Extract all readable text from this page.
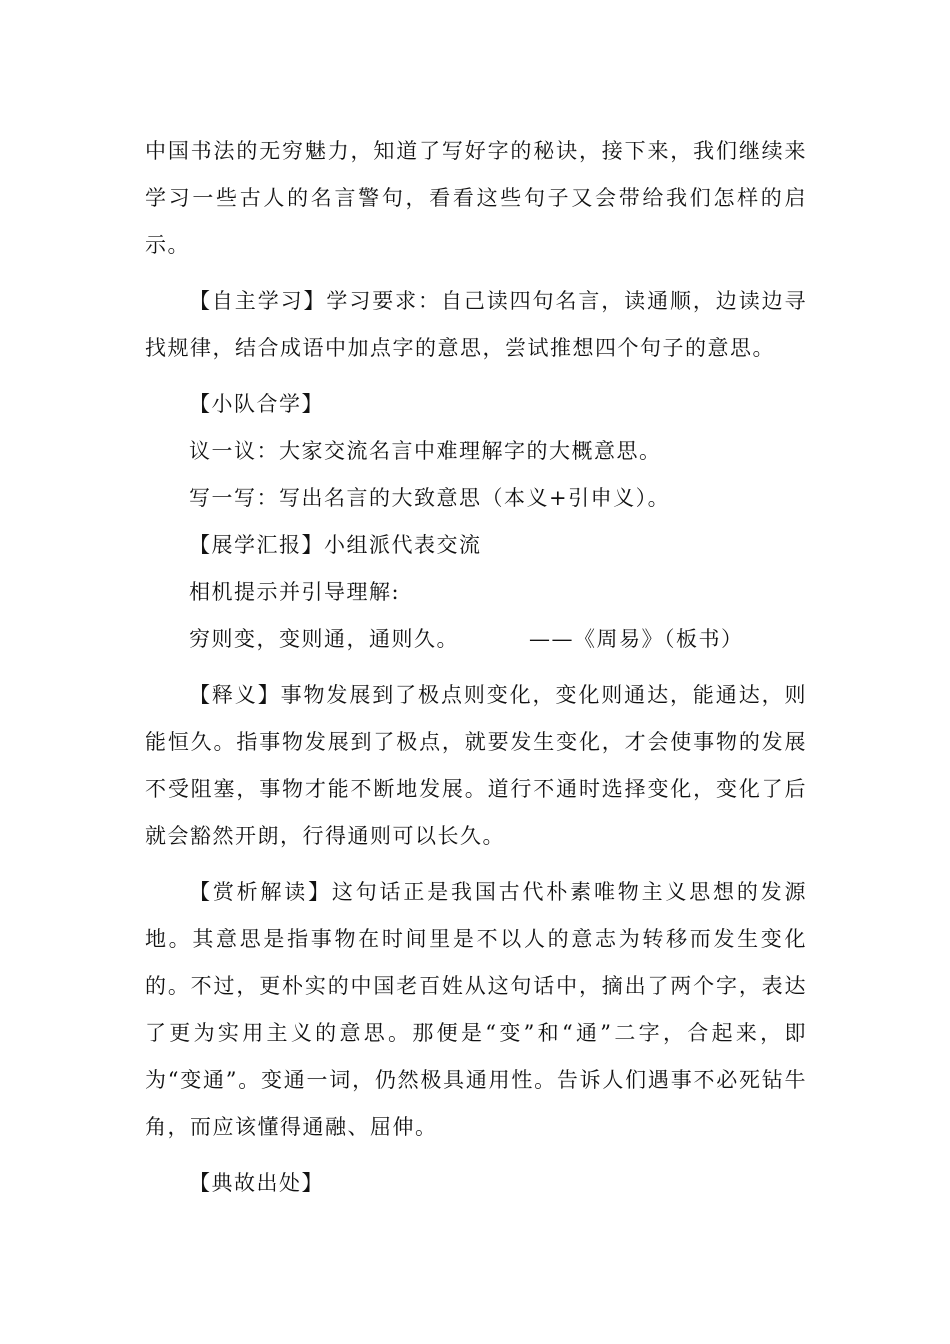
中国书法的无穷魅力，知道了写好字的秘诀，接下来，我们继续来学习一些古人的名言警句，看看这些句子又会带给我们怎样的启示。

【自主学习】学习要求：自己读四句名言，读通顺，边读边寻找规律，结合成语中加点字的意思，尝试推想四个句子的意思。

【小队合学】

议一议：大家交流名言中难理解字的大概意思。

写一写：写出名言的大致意思（本义+引申义）。

【展学汇报】小组派代表交流

相机提示并引导理解:

穷则变，变则通，通则久。	——《周易》（板书）

【释义】事物发展到了极点则变化，变化则通达，能通达，则能恒久。指事物发展到了极点，就要发生变化，才会使事物的发展不受阻塞，事物才能不断地发展。道行不通时选择变化，变化了后就会豁然开朗，行得通则可以长久。

【赏析解读】这句话正是我国古代朴素唯物主义思想的发源地。其意思是指事物在时间里是不以人的意志为转移而发生变化的。不过，更朴实的中国老百姓从这句话中，摘出了两个字，表达了更为实用主义的意思。那便是“变”和“通”二字，合起来，即为“变通”。变通一词，仍然极具通用性。告诉人们遇事不必死钻牛角，而应该懂得通融、屈伸。

【典故出处】
